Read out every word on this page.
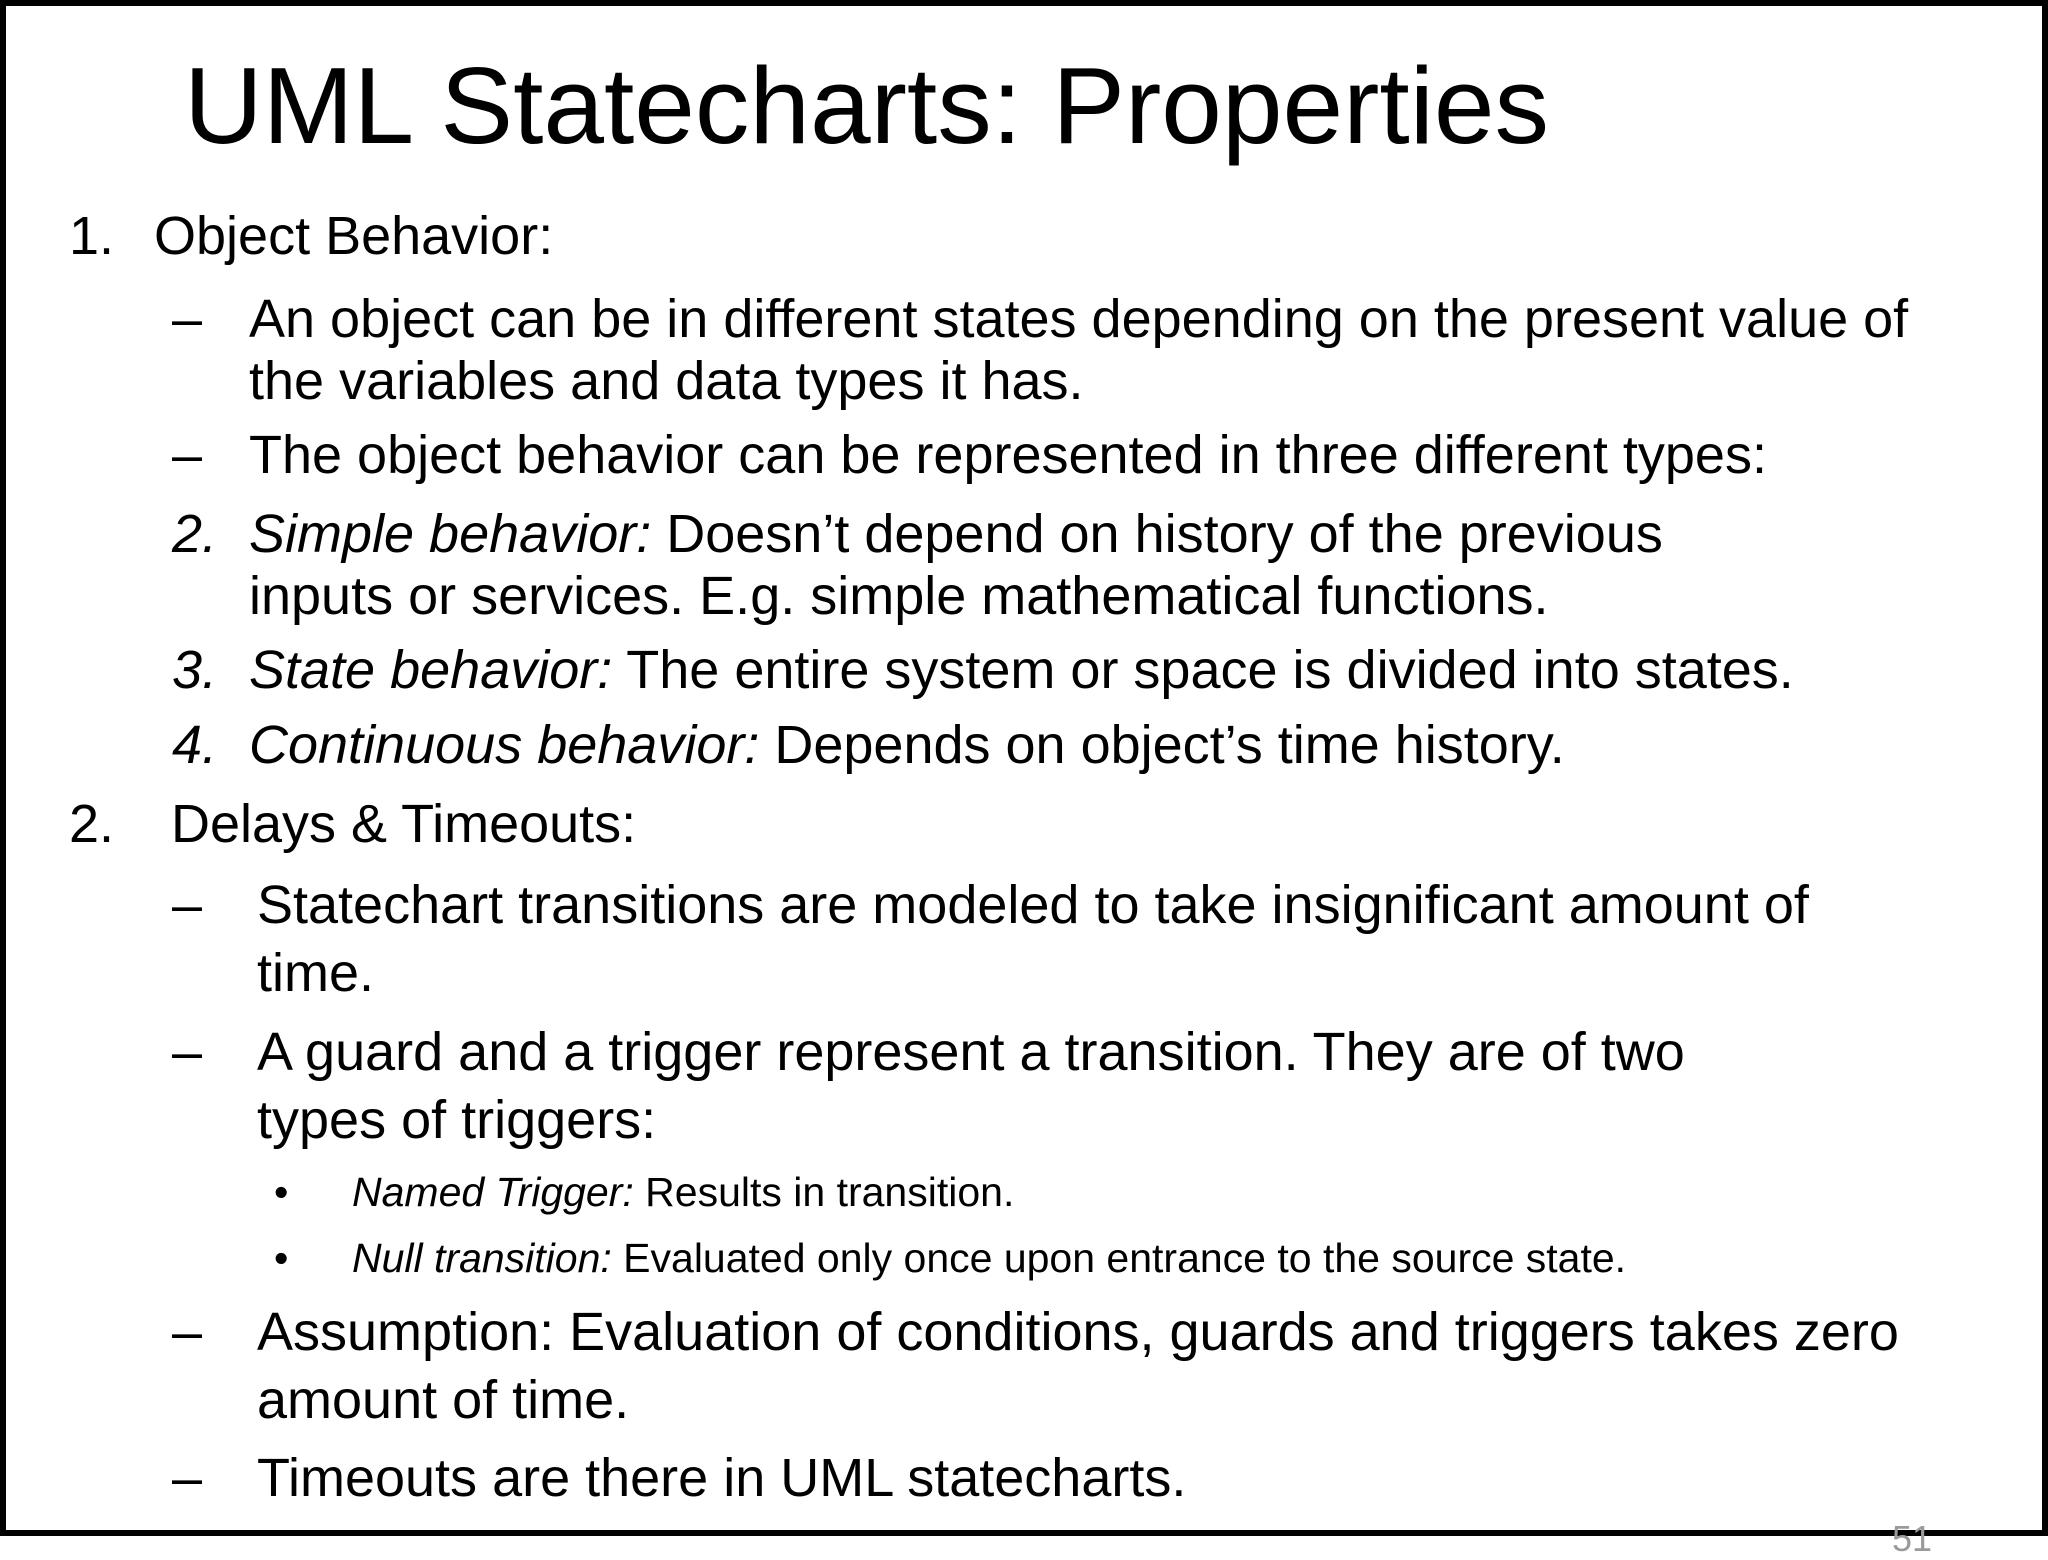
UML Statecharts: Properties
1. Object Behavior:
– An object can be in different states depending on the present value of
the variables and data types it has.
– The object behavior can be represented in three different types:
2. Simple behavior: Doesn’t depend on history of the previous
inputs or services. E.g. simple mathematical functions.
3. State behavior: The entire system or space is divided into states.
4. Continuous behavior: Depends on object’s time history.
2. Delays & Timeouts:
– Statechart transitions are modeled to take insignificant amount of
time.
– A guard and a trigger represent a transition. They are of two
types of triggers:
• Named Trigger: Results in transition.
• Null transition: Evaluated only once upon entrance to the source state.
– Assumption: Evaluation of conditions, guards and triggers takes zero
amount of time.
– Timeouts are there in UML statecharts.
51
